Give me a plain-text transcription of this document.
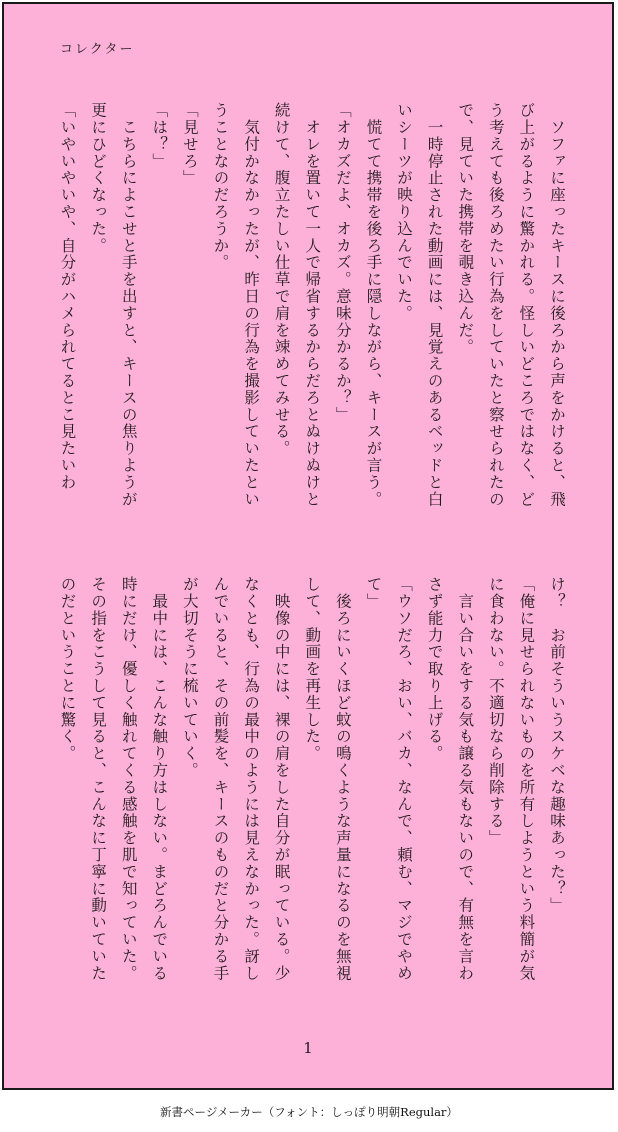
コレクター
　ソファに座ったキースに後ろから声をかけると、飛
び上がるように驚かれる。怪しいどころではなく、ど
う考えても後ろめたい行為をしていたと察せられたの
で、見ていた携帯を覗き込んだ。
　一時停止された動画には、見覚えのあるベッドと白
いシーツが映り込んでいた。
　慌てて携帯を後ろ手に隠しながら、キースが言う。
「オカズだよ、オカズ。意味分かるか？」
　オレを置いて一人で帰省するからだろとぬけぬけと
続けて、腹立たしい仕草で肩を竦めてみせる。
　気付かなかったが、昨日の行為を撮影していたとい
うことなのだろうか。
「見せろ」
「は？」
　こちらによこせと手を出すと、キースの焦りようが
更にひどくなった。
「いやいやいや、自分がハメられてるとこ見たいわ
け？　お前そういうスケベな趣味あった？」
「俺に見せられないものを所有しようという料簡が気
に食わない。不適切なら削除する」
　言い合いをする気も譲る気もないので、有無を言わ
さず能力で取り上げる。
「ウソだろ、おい、バカ、なんで、頼む、マジでやめ
て」
　後ろにいくほど蚊の鳴くような声量になるのを無視
して、動画を再生した。
　映像の中には、裸の肩をした自分が眠っている。少
なくとも、行為の最中のようには見えなかった。訝し
んでいると、その前髪を、キースのものだと分かる手
が大切そうに梳いていく。
　最中には、こんな触り方はしない。まどろんでいる
時にだけ、優しく触れてくる感触を肌で知っていた。
その指をこうして見ると、こんなに丁寧に動いていた
のだということに驚く。
1
新書ページメーカー（フォント：しっぽり明朝Regular）
